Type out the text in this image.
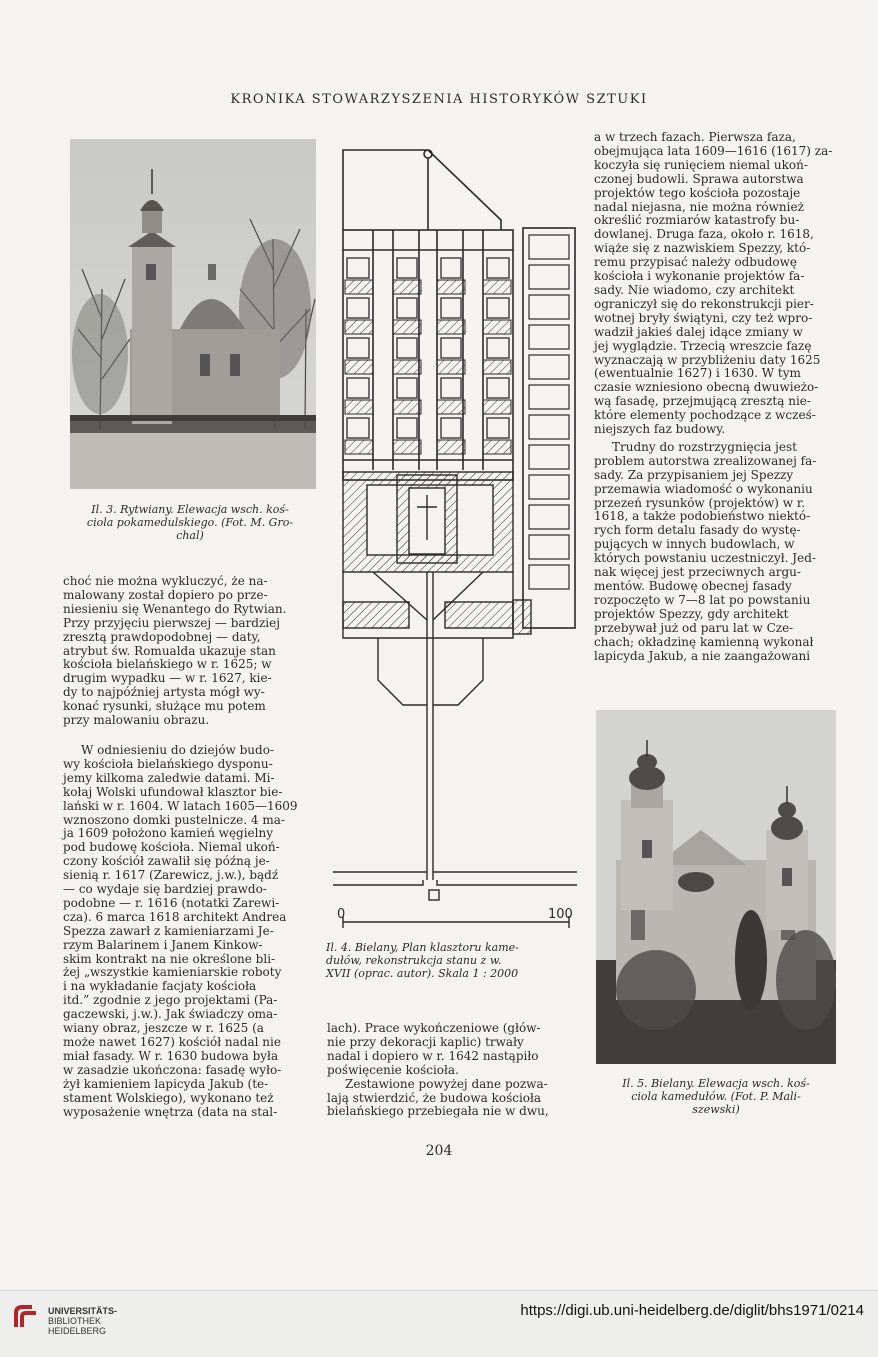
KRONIKA STOWARZYSZENIA HISTORYKÓW SZTUKI
Il. 3. Rytwiany. Elewacja wsch. koś-
ciola pokamedulskiego. (Fot. M. Gro-
chal)
0	100
Il. 4. Bielany, Plan klasztoru kame-
dułów, rekonstrukcja stanu z w.
XVII (oprac. autor). Skala 1 : 2000
Il. 5. Bielany. Elewacja wsch. koś-
ciola kamedułów. (Fot. P. Mali-
szewski)

choć nie można wykluczyć, że na-
malowany został dopiero po prze-
niesieniu się Wenantego do Rytwian.
Przy przyjęciu pierwszej — bardziej
zresztą prawdopodobnej — daty,
atrybut św. Romualda ukazuje stan
kościoła bielańskiego w r. 1625; w
drugim wypadku — w r. 1627, kie-
dy to najpóźniej artysta mógł wy-
konać rysunki, służące mu potem
przy malowaniu obrazu.

W odniesieniu do dziejów budo-
wy kościoła bielańskiego dysponu-
jemy kilkoma zaledwie datami. Mi-
kołaj Wolski ufundował klasztor bie-
lański w r. 1604. W latach 1605—1609
wznoszono domki pustelnicze. 4 ma-
ja 1609 położono kamień węgielny
pod budowę kościoła. Niemal ukoń-
czony kościół zawalił się późną je-
sienią r. 1617 (Zarewicz, j.w.), bądź
— co wydaje się bardziej prawdo-
podobne — r. 1616 (notatki Zarewi-
cza). 6 marca 1618 architekt Andrea
Spezza zawarł z kamieniarzami Je-
rzym Balarinem i Janem Kinkow-
skim kontrakt na nie określone bli-
żej „wszystkie kamieniarskie roboty
i na wykładanie facjaty kościoła
itd.” zgodnie z jego projektami (Pa-
gaczewski, j.w.). Jak świadczy oma-
wiany obraz, jeszcze w r. 1625 (a
może nawet 1627) kościół nadal nie
miał fasady. W r. 1630 budowa była
w zasadzie ukończona: fasadę wyło-
żył kamieniem lapicyda Jakub (te-
stament Wolskiego), wykonano też
wyposażenie wnętrza (data na stal-

lach). Prace wykończeniowe (głów-
nie przy dekoracji kaplic) trwały
nadal i dopiero w r. 1642 nastąpiło
poświęcenie kościoła.

Zestawione powyżej dane pozwa-
lają stwierdzić, że budowa kościoła
bielańskiego przebiegała nie w dwu,

a w trzech fazach. Pierwsza faza,
obejmująca lata 1609—1616 (1617) za-
koczyła się runięciem niemal ukoń-
czonej budowli. Sprawa autorstwa
projektów tego kościoła pozostaje
nadal niejasna, nie można również
określić rozmiarów katastrofy bu-
dowlanej. Druga faza, około r. 1618,
wiąże się z nazwiskiem Spezzy, któ-
remu przypisać należy odbudowę
kościoła i wykonanie projektów fa-
sady. Nie wiadomo, czy architekt
ograniczył się do rekonstrukcji pier-
wotnej bryły świątyni, czy też wpro-
wadził jakieś dalej idące zmiany w
jej wyglądzie. Trzecią wreszcie fazę
wyznaczają w przybliżeniu daty 1625
(ewentualnie 1627) i 1630. W tym
czasie wzniesiono obecną dwuwieżo-
wą fasadę, przejmującą zresztą nie-
które elementy pochodzące z wcześ-
niejszych faz budowy.

Trudny do rozstrzygnięcia jest
problem autorstwa zrealizowanej fa-
sady. Za przypisaniem jej Spezzy
przemawia wiadomość o wykonaniu
przezeń rysunków (projektów) w r.
1618, a także podobieństwo niektó-
rych form detalu fasady do wystę-
pujących w innych budowlach, w
których powstaniu uczestniczył. Jed-
nak więcej jest przeciwnych argu-
mentów. Budowę obecnej fasady
rozpoczęto w 7—8 lat po powstaniu
projektów Spezzy, gdy architekt
przebywał już od paru lat w Cze-
chach; okładzinę kamienną wykonał
lapicyda Jakub, a nie zaangażowani

204
UNIVERSITÄTS-
BIBLIOTHEK
HEIDELBERG
https://digi.ub.uni-heidelberg.de/diglit/bhs1971/0214
